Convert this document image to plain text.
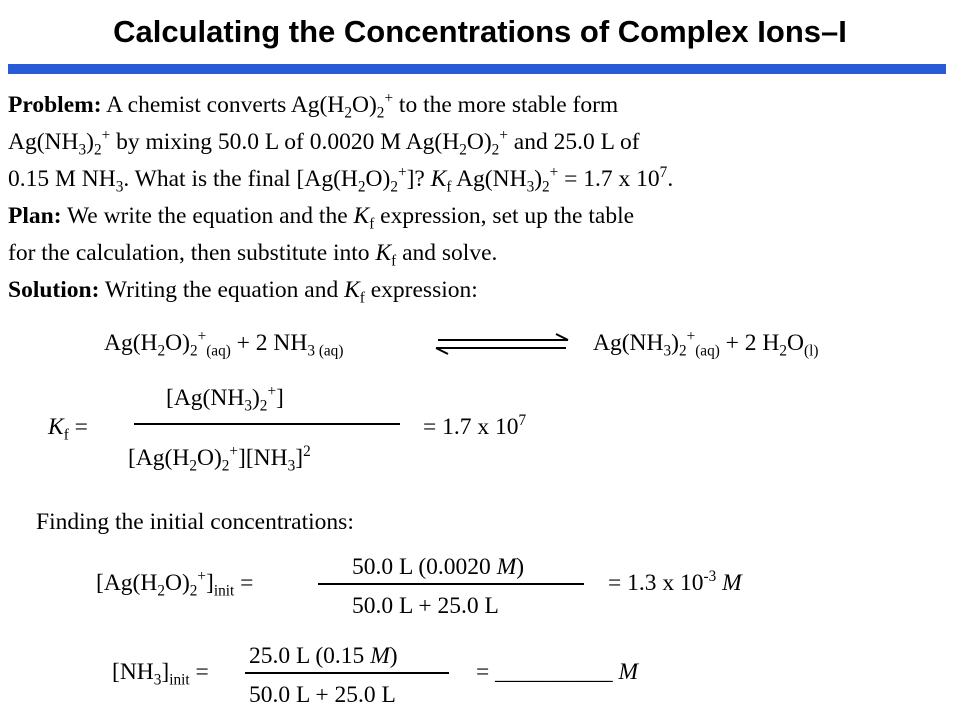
Calculating the Concentrations of Complex Ions–I
Problem: A chemist converts $Ag(H_2O)_2^+$ to the more stable form
$Ag(NH_3)_2^+$ by mixing 50.0 L of 0.0020 M $Ag(H_2O)_2^+$ and 25.0 L of
0.15 M $NH_3$. What is the final $[Ag(H_2O)_2^+]$? $K_f$ $Ag(NH_3)_2^+ = 1.7$ x $10^7$.
Plan: We write the equation and the $K_f$ expression, set up the table
for the calculation, then substitute into $K_f$ and solve.
Solution: Writing the equation and $K_f$ expression:
$Ag(H_2O)_2^+_{(aq)} + 2$ $NH_{3 (aq)}$	$Ag(NH_3)_2^+_{(aq)} + 2$ $H_2O_{(l)}$
$K_f$ =
$[Ag(NH_3)_2^+]$
$[Ag(H_2O)_2^+][NH_3]^2$
= 1.7 x $10^7$
Finding the initial concentrations:
$[Ag(H_2O)_2^+]_{init}$ =
50.0 L (0.0020 M)
50.0 L + 25.0 L
= 1.3 x $10^{-3}$ M
$[NH_3]_{init}$ =
25.0 L (0.15 M)
50.0 L + 25.0 L
= __________ M
